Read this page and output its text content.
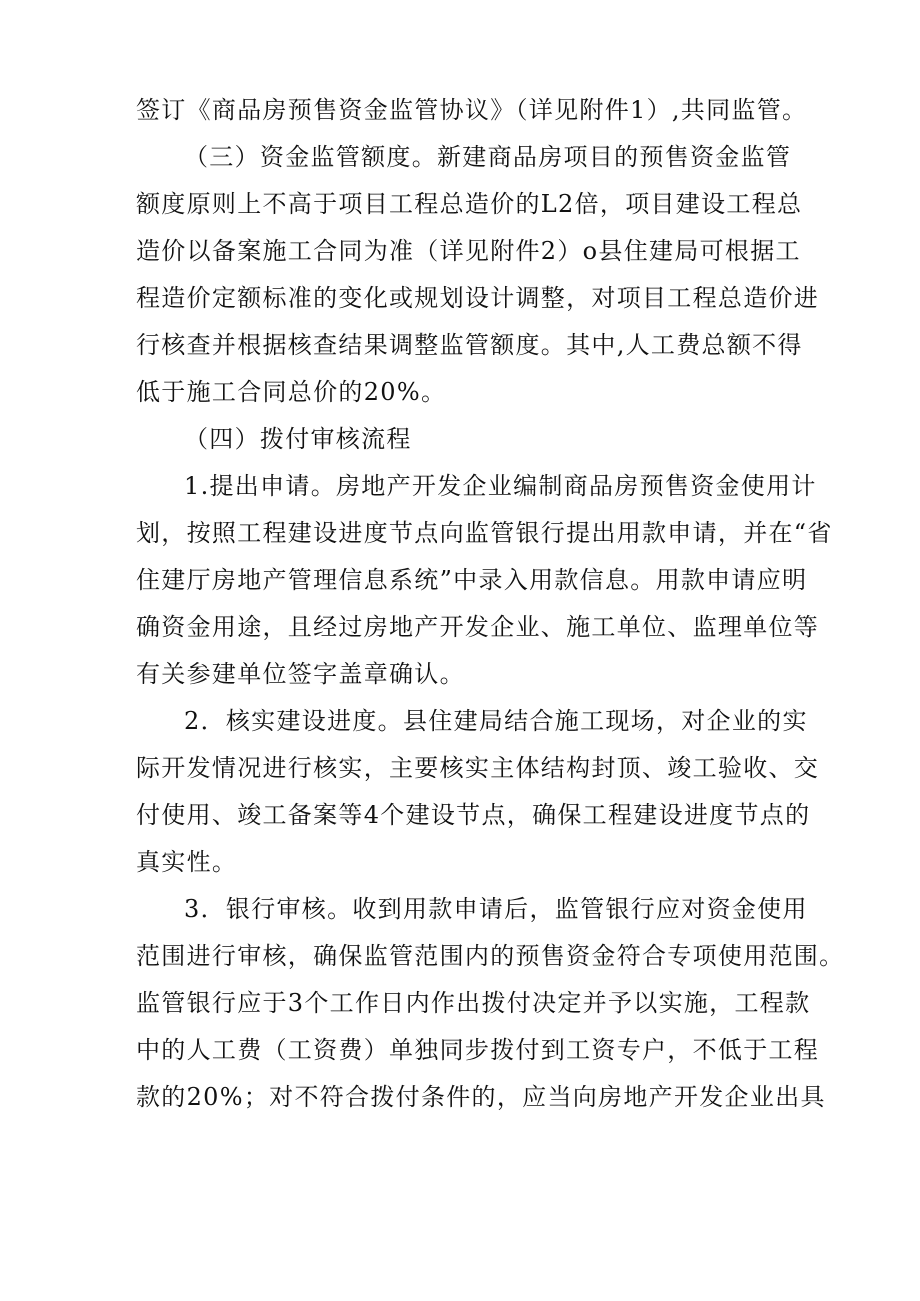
签订《商品房预售资金监管协议》（详见附件1）,共同监管。
（三）资金监管额度。新建商品房项目的预售资金监管
额度原则上不高于项目工程总造价的L2倍，项目建设工程总
造价以备案施工合同为准（详见附件2）o县住建局可根据工
程造价定额标准的变化或规划设计调整，对项目工程总造价进
行核查并根据核查结果调整监管额度。其中,人工费总额不得
低于施工合同总价的20%。
（四）拨付审核流程
1.提出申请。房地产开发企业编制商品房预售资金使用计
划，按照工程建设进度节点向监管银行提出用款申请，并在“省
住建厅房地产管理信息系统”中录入用款信息。用款申请应明
确资金用途，且经过房地产开发企业、施工单位、监理单位等
有关参建单位签字盖章确认。
2．核实建设进度。县住建局结合施工现场，对企业的实
际开发情况进行核实，主要核实主体结构封顶、竣工验收、交
付使用、竣工备案等4个建设节点，确保工程建设进度节点的
真实性。
3．银行审核。收到用款申请后，监管银行应对资金使用
范围进行审核，确保监管范围内的预售资金符合专项使用范围。
监管银行应于3个工作日内作出拨付决定并予以实施，工程款
中的人工费（工资费）单独同步拨付到工资专户，不低于工程
款的20%；对不符合拨付条件的，应当向房地产开发企业出具
